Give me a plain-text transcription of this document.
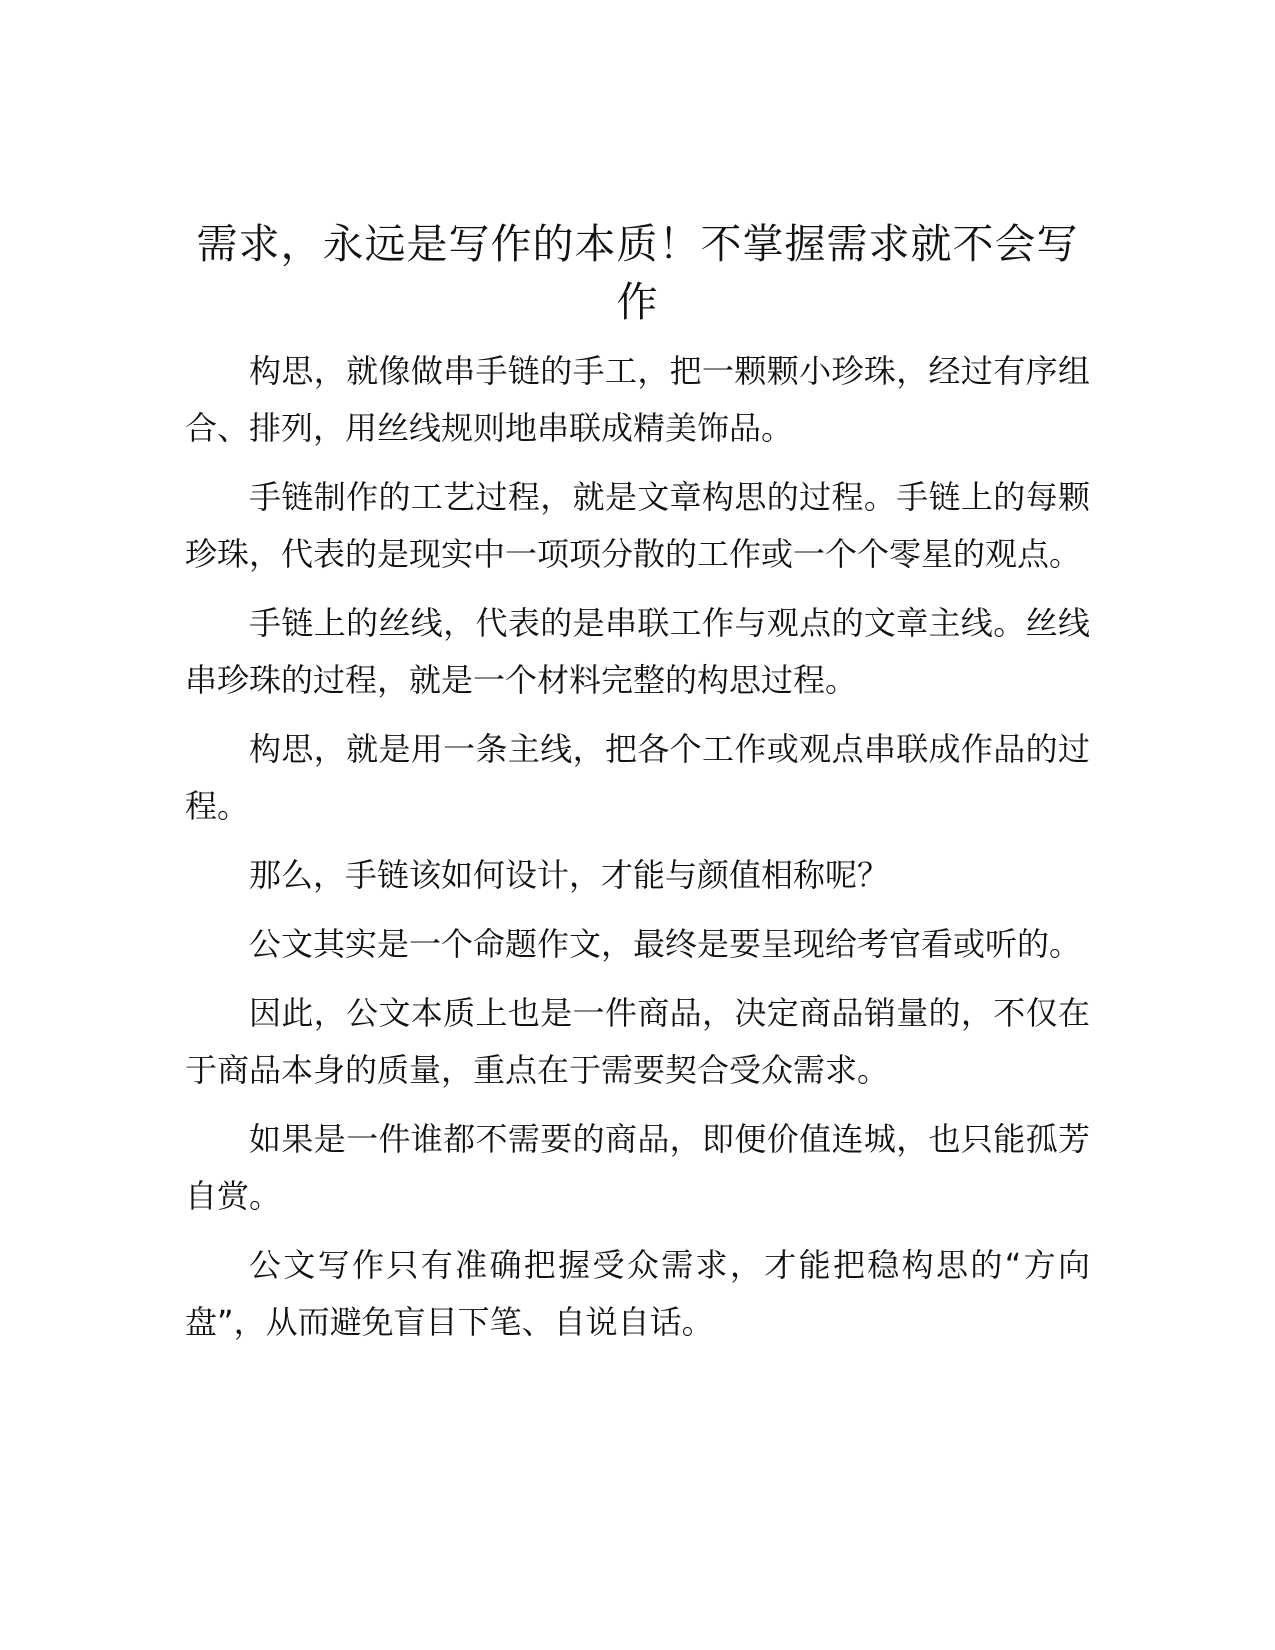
需求，永远是写作的本质！不掌握需求就不会写作

构思，就像做串手链的手工，把一颗颗小珍珠，经过有序组合、排列，用丝线规则地串联成精美饰品。

手链制作的工艺过程，就是文章构思的过程。手链上的每颗珍珠，代表的是现实中一项项分散的工作或一个个零星的观点。

手链上的丝线，代表的是串联工作与观点的文章主线。丝线串珍珠的过程，就是一个材料完整的构思过程。

构思，就是用一条主线，把各个工作或观点串联成作品的过程。

那么，手链该如何设计，才能与颜值相称呢？

公文其实是一个命题作文，最终是要呈现给考官看或听的。

因此，公文本质上也是一件商品，决定商品销量的，不仅在于商品本身的质量，重点在于需要契合受众需求。

如果是一件谁都不需要的商品，即便价值连城，也只能孤芳自赏。

公文写作只有准确把握受众需求，才能把稳构思的“方向盘”，从而避免盲目下笔、自说自话。
